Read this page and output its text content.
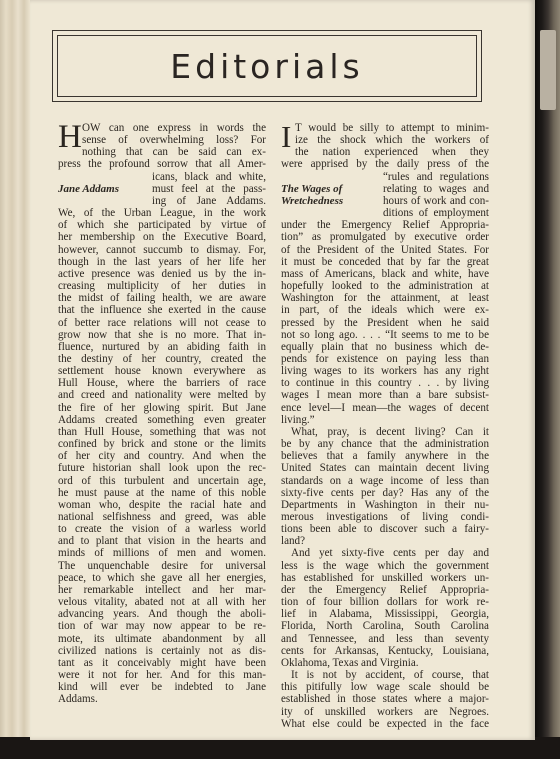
Editorials
H OW can one express in words the
sense of overwhelming loss? For
nothing that can be said can ex-
press the profound sorrow that all Amer-
Jane Addams
icans, black and white,
must feel at the pass-
ing of Jane Addams.
We, of the Urban League, in the work
of which she participated by virtue of
her membership on the Executive Board,
however, cannot succumb to dismay. For,
though in the last years of her life her
active presence was denied us by the in-
creasing multiplicity of her duties in
the midst of failing health, we are aware
that the influence she exerted in the cause
of better race relations will not cease to
grow now that she is no more. That in-
fluence, nurtured by an abiding faith in
the destiny of her country, created the
settlement house known everywhere as
Hull House, where the barriers of race
and creed and nationality were melted by
the fire of her glowing spirit. But Jane
Addams created something even greater
than Hull House, something that was not
confined by brick and stone or the limits
of her city and country. And when the
future historian shall look upon the rec-
ord of this turbulent and uncertain age,
he must pause at the name of this noble
woman who, despite the racial hate and
national selfishness and greed, was able
to create the vision of a warless world
and to plant that vision in the hearts and
minds of millions of men and women.
The unquenchable desire for universal
peace, to which she gave all her energies,
her remarkable intellect and her mar-
velous vitality, abated not at all with her
advancing years. And though the aboli-
tion of war may now appear to be re-
mote, its ultimate abandonment by all
civilized nations is certainly not as dis-
tant as it conceivably might have been
were it not for her. And for this man-
kind will ever be indebted to Jane
Addams.
I T would be silly to attempt to minim-
ize the shock which the workers of
the nation experienced when they
were apprised by the daily press of the
The Wages of
Wretchedness
“rules and regulations
relating to wages and
hours of work and con-
ditions of employment
under the Emergency Relief Appropria-
tion” as promulgated by executive order
of the President of the United States. For
it must be conceded that by far the great
mass of Americans, black and white, have
hopefully looked to the administration at
Washington for the attainment, at least
in part, of the ideals which were ex-
pressed by the President when he said
not so long ago. . . . “It seems to me to be
equally plain that no business which de-
pends for existence on paying less than
living wages to its workers has any right
to continue in this country . . . by living
wages I mean more than a bare subsist-
ence level—I mean—the wages of decent
living.”
What, pray, is decent living? Can it
be by any chance that the administration
believes that a family anywhere in the
United States can maintain decent living
standards on a wage income of less than
sixty-five cents per day? Has any of the
Departments in Washington in their nu-
merous investigations of living condi-
tions been able to discover such a fairy-
land?
And yet sixty-five cents per day and
less is the wage which the government
has established for unskilled workers un-
der the Emergency Relief Appropria-
tion of four billion dollars for work re-
lief in Alabama, Mississippi, Georgia,
Florida, North Carolina, South Carolina
and Tennessee, and less than seventy
cents for Arkansas, Kentucky, Louisiana,
Oklahoma, Texas and Virginia.
It is not by accident, of course, that
this pitifully low wage scale should be
established in those states where a major-
ity of unskilled workers are Negroes.
What else could be expected in the face
